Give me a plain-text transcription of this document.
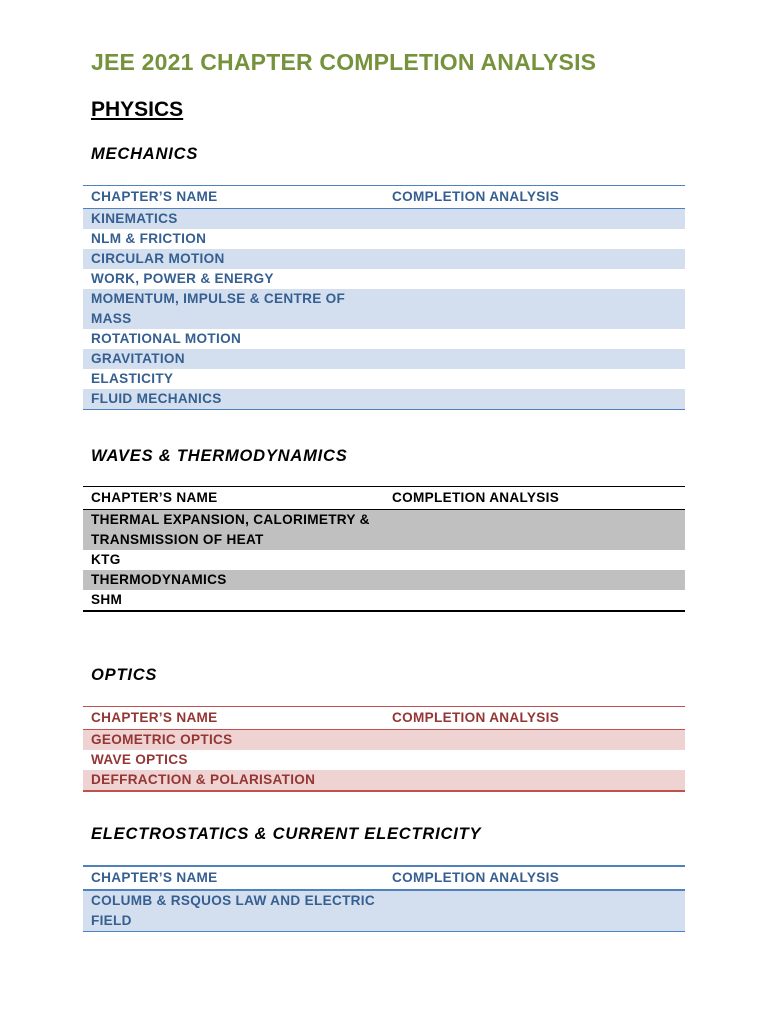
JEE 2021 CHAPTER COMPLETION ANALYSIS
PHYSICS
MECHANICS
CHAPTER’S NAME	COMPLETION ANALYSIS
KINEMATICS	
NLM & FRICTION	
CIRCULAR MOTION	
WORK, POWER & ENERGY	
MOMENTUM, IMPULSE & CENTRE OF MASS	
ROTATIONAL MOTION	
GRAVITATION	
ELASTICITY	
FLUID MECHANICS	
WAVES & THERMODYNAMICS
CHAPTER’S NAME	COMPLETION ANALYSIS
THERMAL EXPANSION, CALORIMETRY & TRANSMISSION OF HEAT	
KTG	
THERMODYNAMICS	
SHM	
OPTICS
CHAPTER’S NAME	COMPLETION ANALYSIS
GEOMETRIC OPTICS	
WAVE OPTICS	
DEFFRACTION & POLARISATION	
ELECTROSTATICS & CURRENT ELECTRICITY
CHAPTER’S NAME	COMPLETION ANALYSIS
COLUMB & RSQUOS LAW AND ELECTRIC FIELD	
